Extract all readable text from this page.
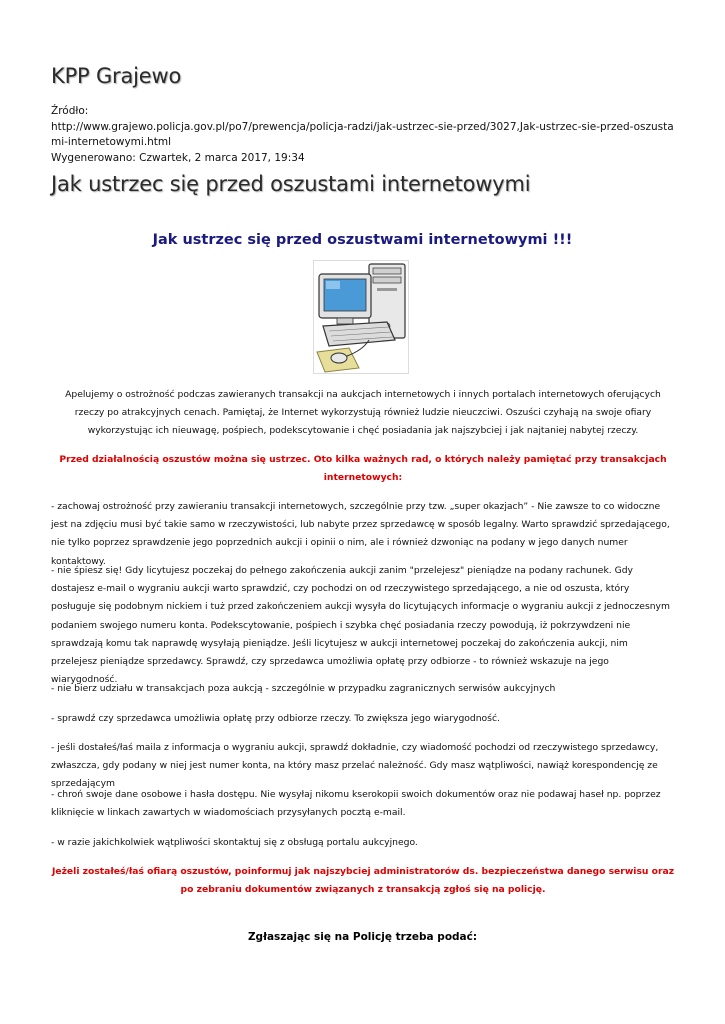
KPP Grajewo
Źródło:
http://www.grajewo.policja.gov.pl/po7/prewencja/policja-radzi/jak-ustrzec-sie-przed/3027,Jak-ustrzec-sie-przed-oszustami-internetowymi.html
Wygenerowano: Czwartek, 2 marca 2017, 19:34
Jak ustrzec się przed oszustami internetowymi
Jak ustrzec się przed oszustwami internetowymi !!!

Apelujemy o ostrożność podczas zawieranych transakcji na aukcjach internetowych i innych portalach internetowych oferujących rzeczy po atrakcyjnych cenach. Pamiętaj, że Internet wykorzystują również ludzie nieuczciwi. Oszuści czyhają na swoje ofiary wykorzystując ich nieuwagę, pośpiech, podekscytowanie i chęć posiadania jak najszybciej i jak najtaniej nabytej rzeczy.

Przed działalnością oszustów można się ustrzec. Oto kilka ważnych rad, o których należy pamiętać przy transakcjach internetowych:

- zachowaj ostrożność przy zawieraniu transakcji internetowych, szczególnie przy tzw. „super okazjach” - Nie zawsze to co widoczne jest na zdjęciu musi być takie samo w rzeczywistości, lub nabyte przez sprzedawcę w sposób legalny. Warto sprawdzić sprzedającego, nie tylko poprzez sprawdzenie jego poprzednich aukcji i opinii o nim, ale i również dzwoniąc na podany w jego danych numer kontaktowy.

- nie śpiesz się! Gdy licytujesz poczekaj do pełnego zakończenia aukcji zanim "przelejesz" pieniądze na podany rachunek. Gdy dostajesz e-mail o wygraniu aukcji warto sprawdzić, czy pochodzi on od rzeczywistego sprzedającego, a nie od oszusta, który posługuje się podobnym nickiem i tuż przed zakończeniem aukcji wysyła do licytujących informacje o wygraniu aukcji z jednoczesnym podaniem swojego numeru konta. Podekscytowanie, pośpiech i szybka chęć posiadania rzeczy powodują, iż pokrzywdzeni nie sprawdzają komu tak naprawdę wysyłają pieniądze. Jeśli licytujesz w aukcji internetowej poczekaj do zakończenia aukcji, nim przelejesz pieniądze sprzedawcy. Sprawdź, czy sprzedawca umożliwia opłatę przy odbiorze - to również wskazuje na jego wiarygodność.

- nie bierz udziału w transakcjach poza aukcją - szczególnie w przypadku zagranicznych serwisów aukcyjnych

- sprawdź czy sprzedawca umożliwia opłatę przy odbiorze rzeczy. To zwiększa jego wiarygodność.

- jeśli dostałeś/łaś maila z informacja o wygraniu aukcji, sprawdź dokładnie, czy wiadomość pochodzi od rzeczywistego sprzedawcy, zwłaszcza, gdy podany w niej jest numer konta, na który masz przelać należność. Gdy masz wątpliwości, nawiąż korespondencję ze sprzedającym

- chroń swoje dane osobowe i hasła dostępu. Nie wysyłaj nikomu kserokopii swoich dokumentów oraz nie podawaj haseł np. poprzez kliknięcie w linkach zawartych w wiadomościach przysyłanych pocztą e-mail.

- w razie jakichkolwiek wątpliwości skontaktuj się z obsługą portalu aukcyjnego.

Jeżeli zostałeś/łaś ofiarą oszustów, poinformuj jak najszybciej administratorów ds. bezpieczeństwa danego serwisu oraz po zebraniu dokumentów związanych z transakcją zgłoś się na policję.

Zgłaszając się na Policję trzeba podać:
